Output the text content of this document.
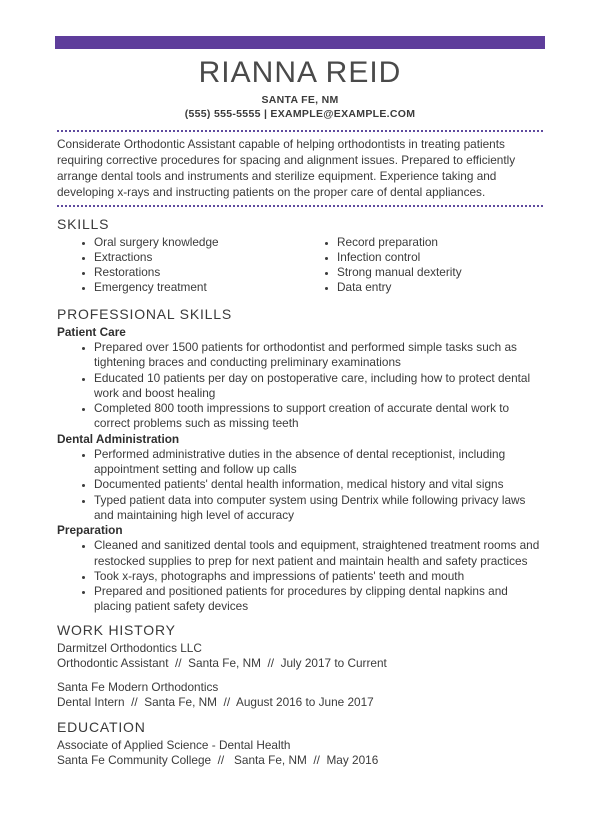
RIANNA REID
SANTA FE, NM
(555) 555-5555 | EXAMPLE@EXAMPLE.COM
Considerate Orthodontic Assistant capable of helping orthodontists in treating patients requiring corrective procedures for spacing and alignment issues. Prepared to efficiently arrange dental tools and instruments and sterilize equipment. Experience taking and developing x-rays and instructing patients on the proper care of dental appliances.
SKILLS
• Oral surgery knowledge
• Extractions
• Restorations
• Emergency treatment
• Record preparation
• Infection control
• Strong manual dexterity
• Data entry
PROFESSIONAL SKILLS
Patient Care
• Prepared over 1500 patients for orthodontist and performed simple tasks such as tightening braces and conducting preliminary examinations
• Educated 10 patients per day on postoperative care, including how to protect dental work and boost healing
• Completed 800 tooth impressions to support creation of accurate dental work to correct problems such as missing teeth
Dental Administration
• Performed administrative duties in the absence of dental receptionist, including appointment setting and follow up calls
• Documented patients' dental health information, medical history and vital signs
• Typed patient data into computer system using Dentrix while following privacy laws and maintaining high level of accuracy
Preparation
• Cleaned and sanitized dental tools and equipment, straightened treatment rooms and restocked supplies to prep for next patient and maintain health and safety practices
• Took x-rays, photographs and impressions of patients' teeth and mouth
• Prepared and positioned patients for procedures by clipping dental napkins and placing patient safety devices
WORK HISTORY
Darmitzel Orthodontics LLC
Orthodontic Assistant  //  Santa Fe, NM  //  July 2017 to Current
Santa Fe Modern Orthodontics
Dental Intern  //  Santa Fe, NM  //  August 2016 to June 2017
EDUCATION
Associate of Applied Science - Dental Health
Santa Fe Community College  //   Santa Fe, NM  //  May 2016
